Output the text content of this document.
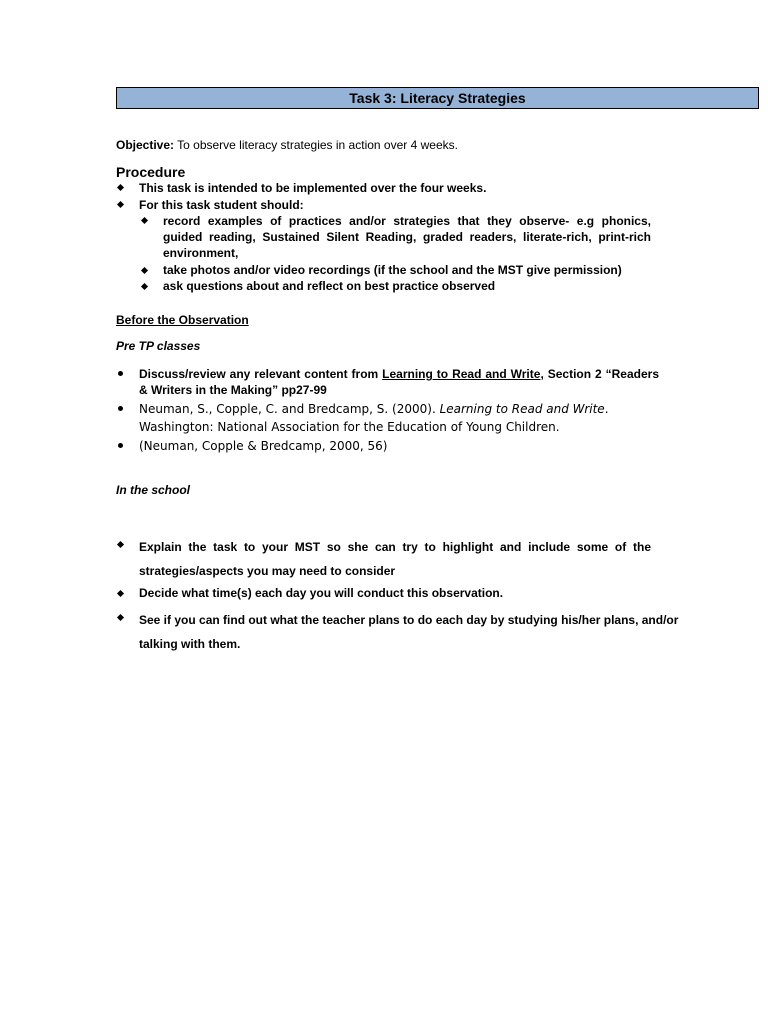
Task 3: Literacy Strategies
Objective: To observe literacy strategies in action over 4 weeks.
Procedure
This task is intended to be implemented over the four weeks.
For this task student should:
record examples of practices and/or strategies that they observe- e.g phonics, guided reading, Sustained Silent Reading, graded readers, literate-rich, print-rich environment,
take photos and/or video recordings (if the school and the MST give permission)
ask questions about and reflect on best practice observed
Before the Observation
Pre TP classes
Discuss/review any relevant content from Learning to Read and Write, Section 2 “Readers & Writers in the Making” pp27-99
Neuman, S., Copple, C. and Bredcamp, S. (2000). Learning to Read and Write. Washington: National Association for the Education of Young Children.
(Neuman, Copple & Bredcamp, 2000, 56)
In the school
Explain the task to your MST so she can try to highlight and include some of the strategies/aspects you may need to consider
Decide what time(s) each day you will conduct this observation.
See if you can find out what the teacher plans to do each day by studying his/her plans, and/or talking with them.
